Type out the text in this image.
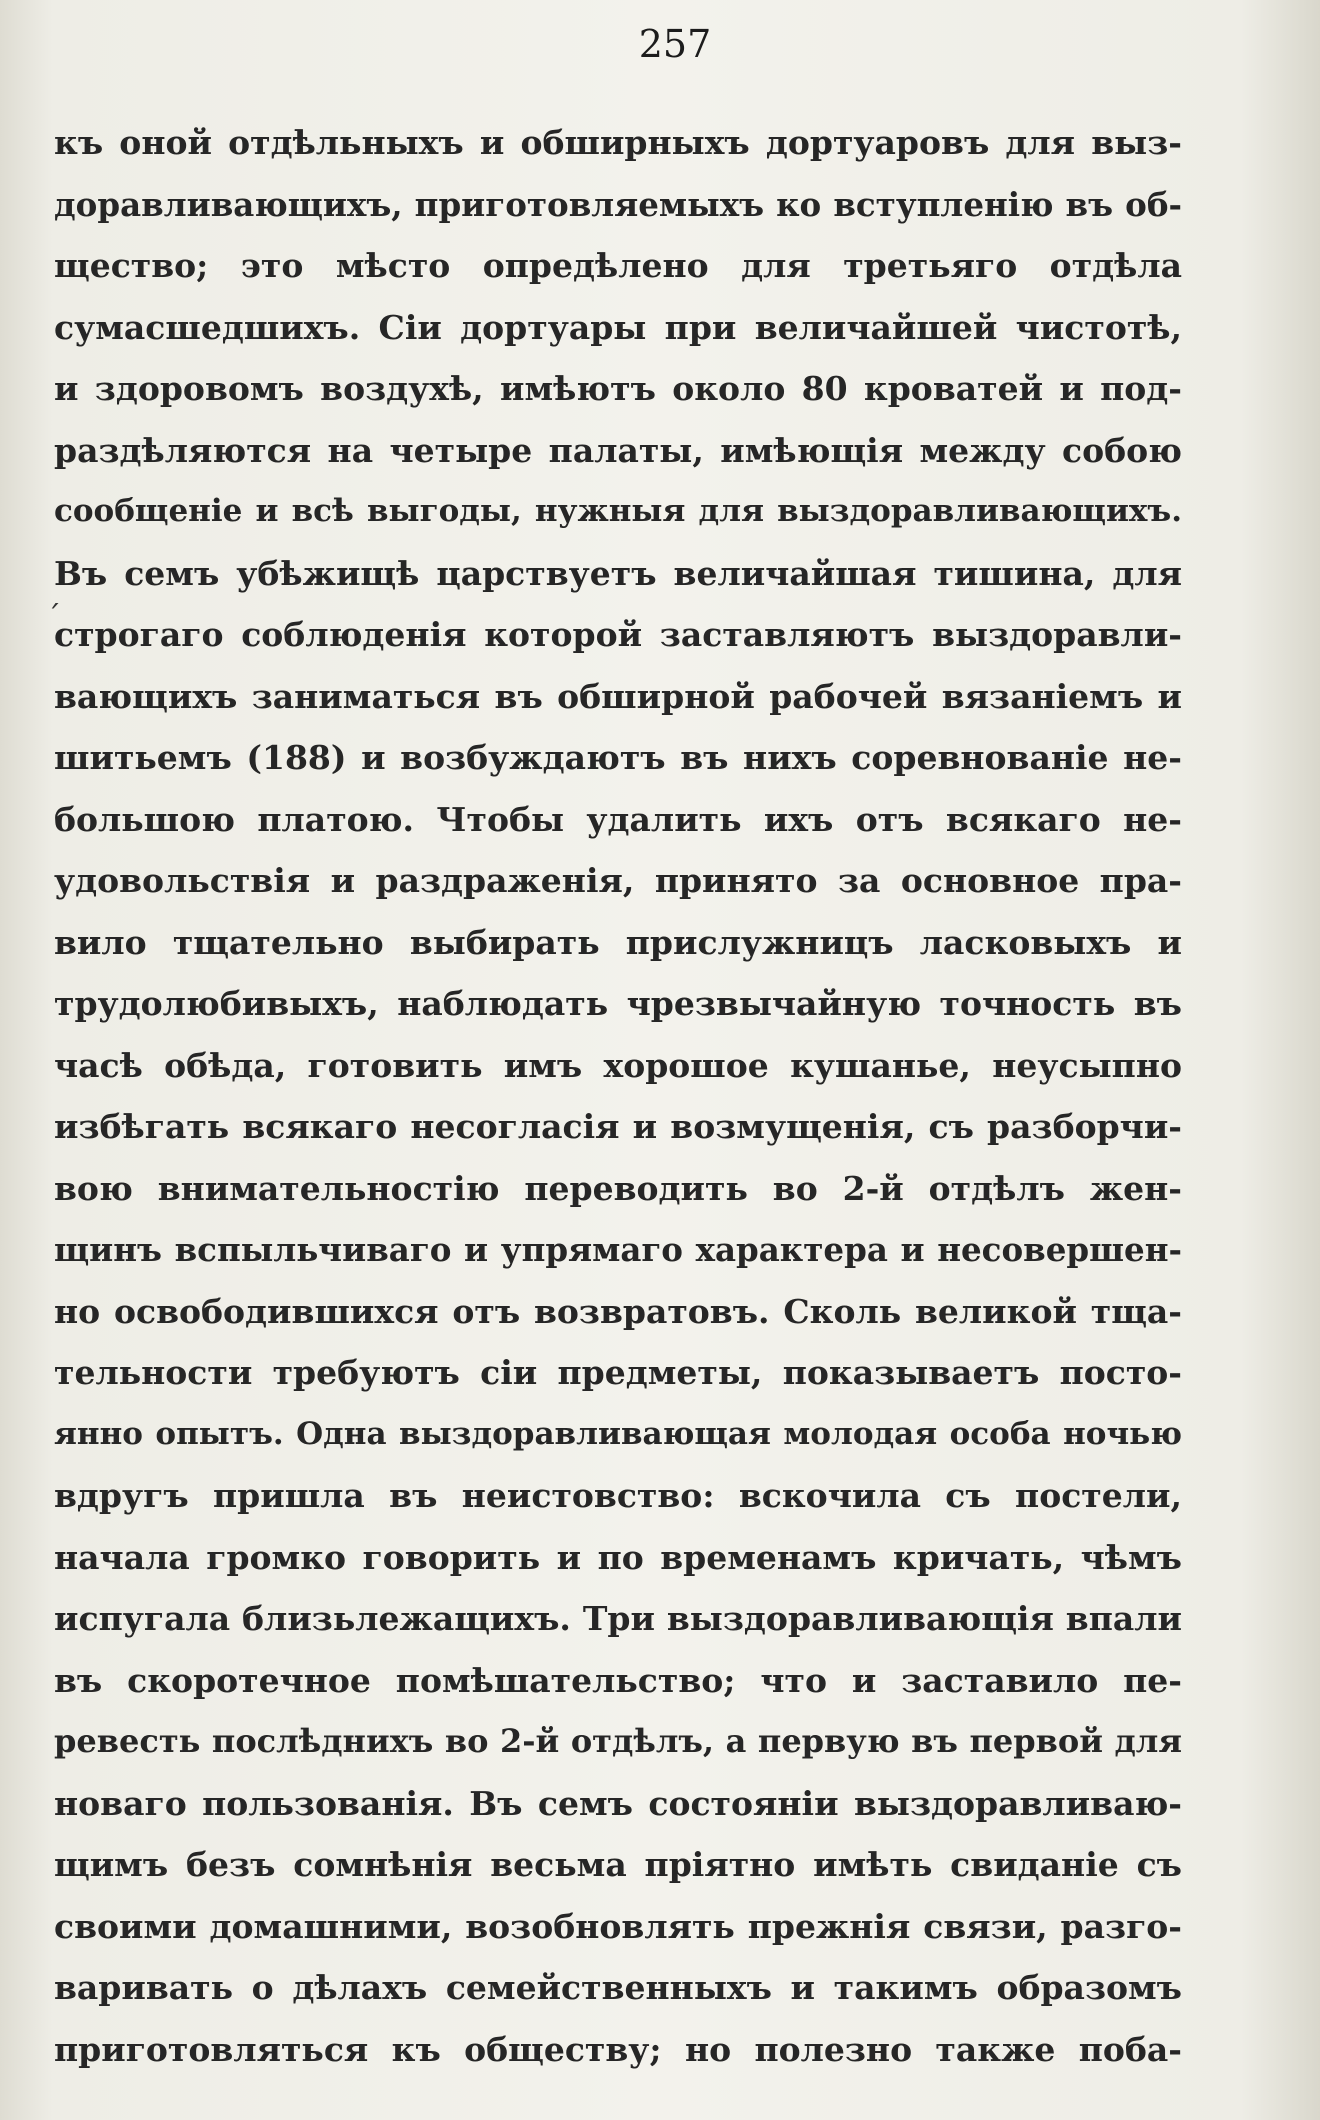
257
ˊ
къ оной отдѣльныхъ и обширныхъ дортуаровъ для выз-
доравливающихъ, приготовляемыхъ ко вступленію въ об-
щество; это мѣсто опредѣлено для третьяго отдѣла
сумасшедшихъ. Сіи дортуары при величайшей чистотѣ,
и здоровомъ воздухѣ, имѣютъ около 80 кроватей и под-
раздѣляются на четыре палаты, имѣющія между собою
сообщеніе и всѣ выгоды, нужныя для выздоравливающихъ.
Въ семъ убѣжищѣ царствуетъ величайшая тишина, для
строгаго соблюденія которой заставляютъ выздоравли-
вающихъ заниматься въ обширной рабочей вязаніемъ и
шитьемъ (188) и возбуждаютъ въ нихъ соревнованіе не-
большою платою. Чтобы удалить ихъ отъ всякаго не-
удовольствія и раздраженія, принято за основное пра-
вило тщательно выбирать прислужницъ ласковыхъ и
трудолюбивыхъ, наблюдать чрезвычайную точность въ
часѣ обѣда, готовить имъ хорошое кушанье, неусыпно
избѣгать всякаго несогласія и возмущенія, съ разборчи-
вою внимательностію переводить во 2-й отдѣлъ жен-
щинъ вспыльчиваго и упрямаго характера и несовершен-
но освободившихся отъ возвратовъ. Сколь великой тща-
тельности требуютъ сіи предметы, показываетъ посто-
янно опытъ. Одна выздоравливающая молодая особа ночью
вдругъ пришла въ неистовство: вскочила съ постели,
начала громко говорить и по временамъ кричать, чѣмъ
испугала близьлежащихъ. Три выздоравливающія впали
въ скоротечное помѣшательство; что и заставило пе-
ревесть послѣднихъ во 2-й отдѣлъ, а первую въ первой для
новаго пользованія. Въ семъ состояніи выздоравливаю-
щимъ безъ сомнѣнія весьма пріятно имѣть свиданіе съ
своими домашними, возобновлять прежнія связи, разго-
варивать о дѣлахъ семейственныхъ и такимъ образомъ
приготовляться къ обществу; но полезно также поба-
